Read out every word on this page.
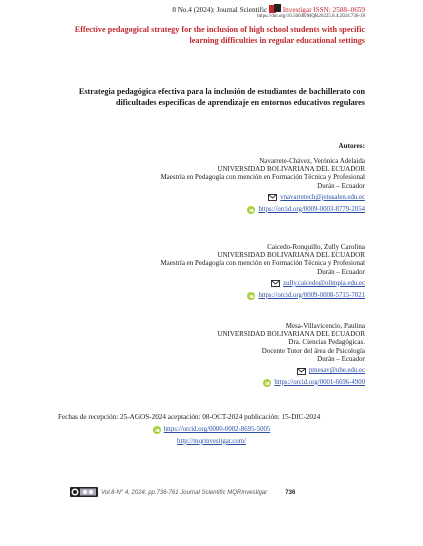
8 No.4 (2024): Journal Scientific Investigar ISSN: 2588–0659
https://doi.org/10.56048/MQR20225.8.4.2024.736-18
Effective pedagogical strategy for the inclusion of high school students with specific learning difficulties in regular educational settings
Estrategia pedagógica efectiva para la inclusión de estudiantes de bachillerato con dificultades específicas de aprendizaje en entornos educativos regulares
Autores:
Navarrete-Chávez, Verónica Adelaida
UNIVERSIDAD BOLIVARIANA DEL ECUADOR
Maestría en Pedagogía con mención en Formación Técnica y Profesional
Durán – Ecuador
vnavarretech@jetusalen.edu.ec
https://orcid.org/0009-0003-8779-2054
Caicedo-Ronquillo, Zully Carolina
UNIVERSIDAD BOLIVARIANA DEL ECUADOR
Maestría en Pedagogía con mención en Formación Técnica y Profesional
Durán – Ecuador
zully.caicedo@olimpia.edu.ec
https://orcid.org/0009-0008-5715-7021
Mesa-Villavicencio, Paulina
UNIVERSIDAD BOLIVARIANA DEL ECUADOR
Dra. Ciencias Pedagógicas.
Docente Tutor del área de Psicología
Durán – Ecuador
pmesav@ube.edu.ec
https://orcid.org/0001-6696-4900
Fechas de recepción: 25-AGOS-2024 aceptación: 08-OCT-2024 publicación: 15-DIC-2024
https://orcid.org/0000-0002-8695-5005

http://mqrinvestigar.com/
Vol.8-N° 4, 2024, pp.736-761 Journal Scientific MQRInvestigar	736
